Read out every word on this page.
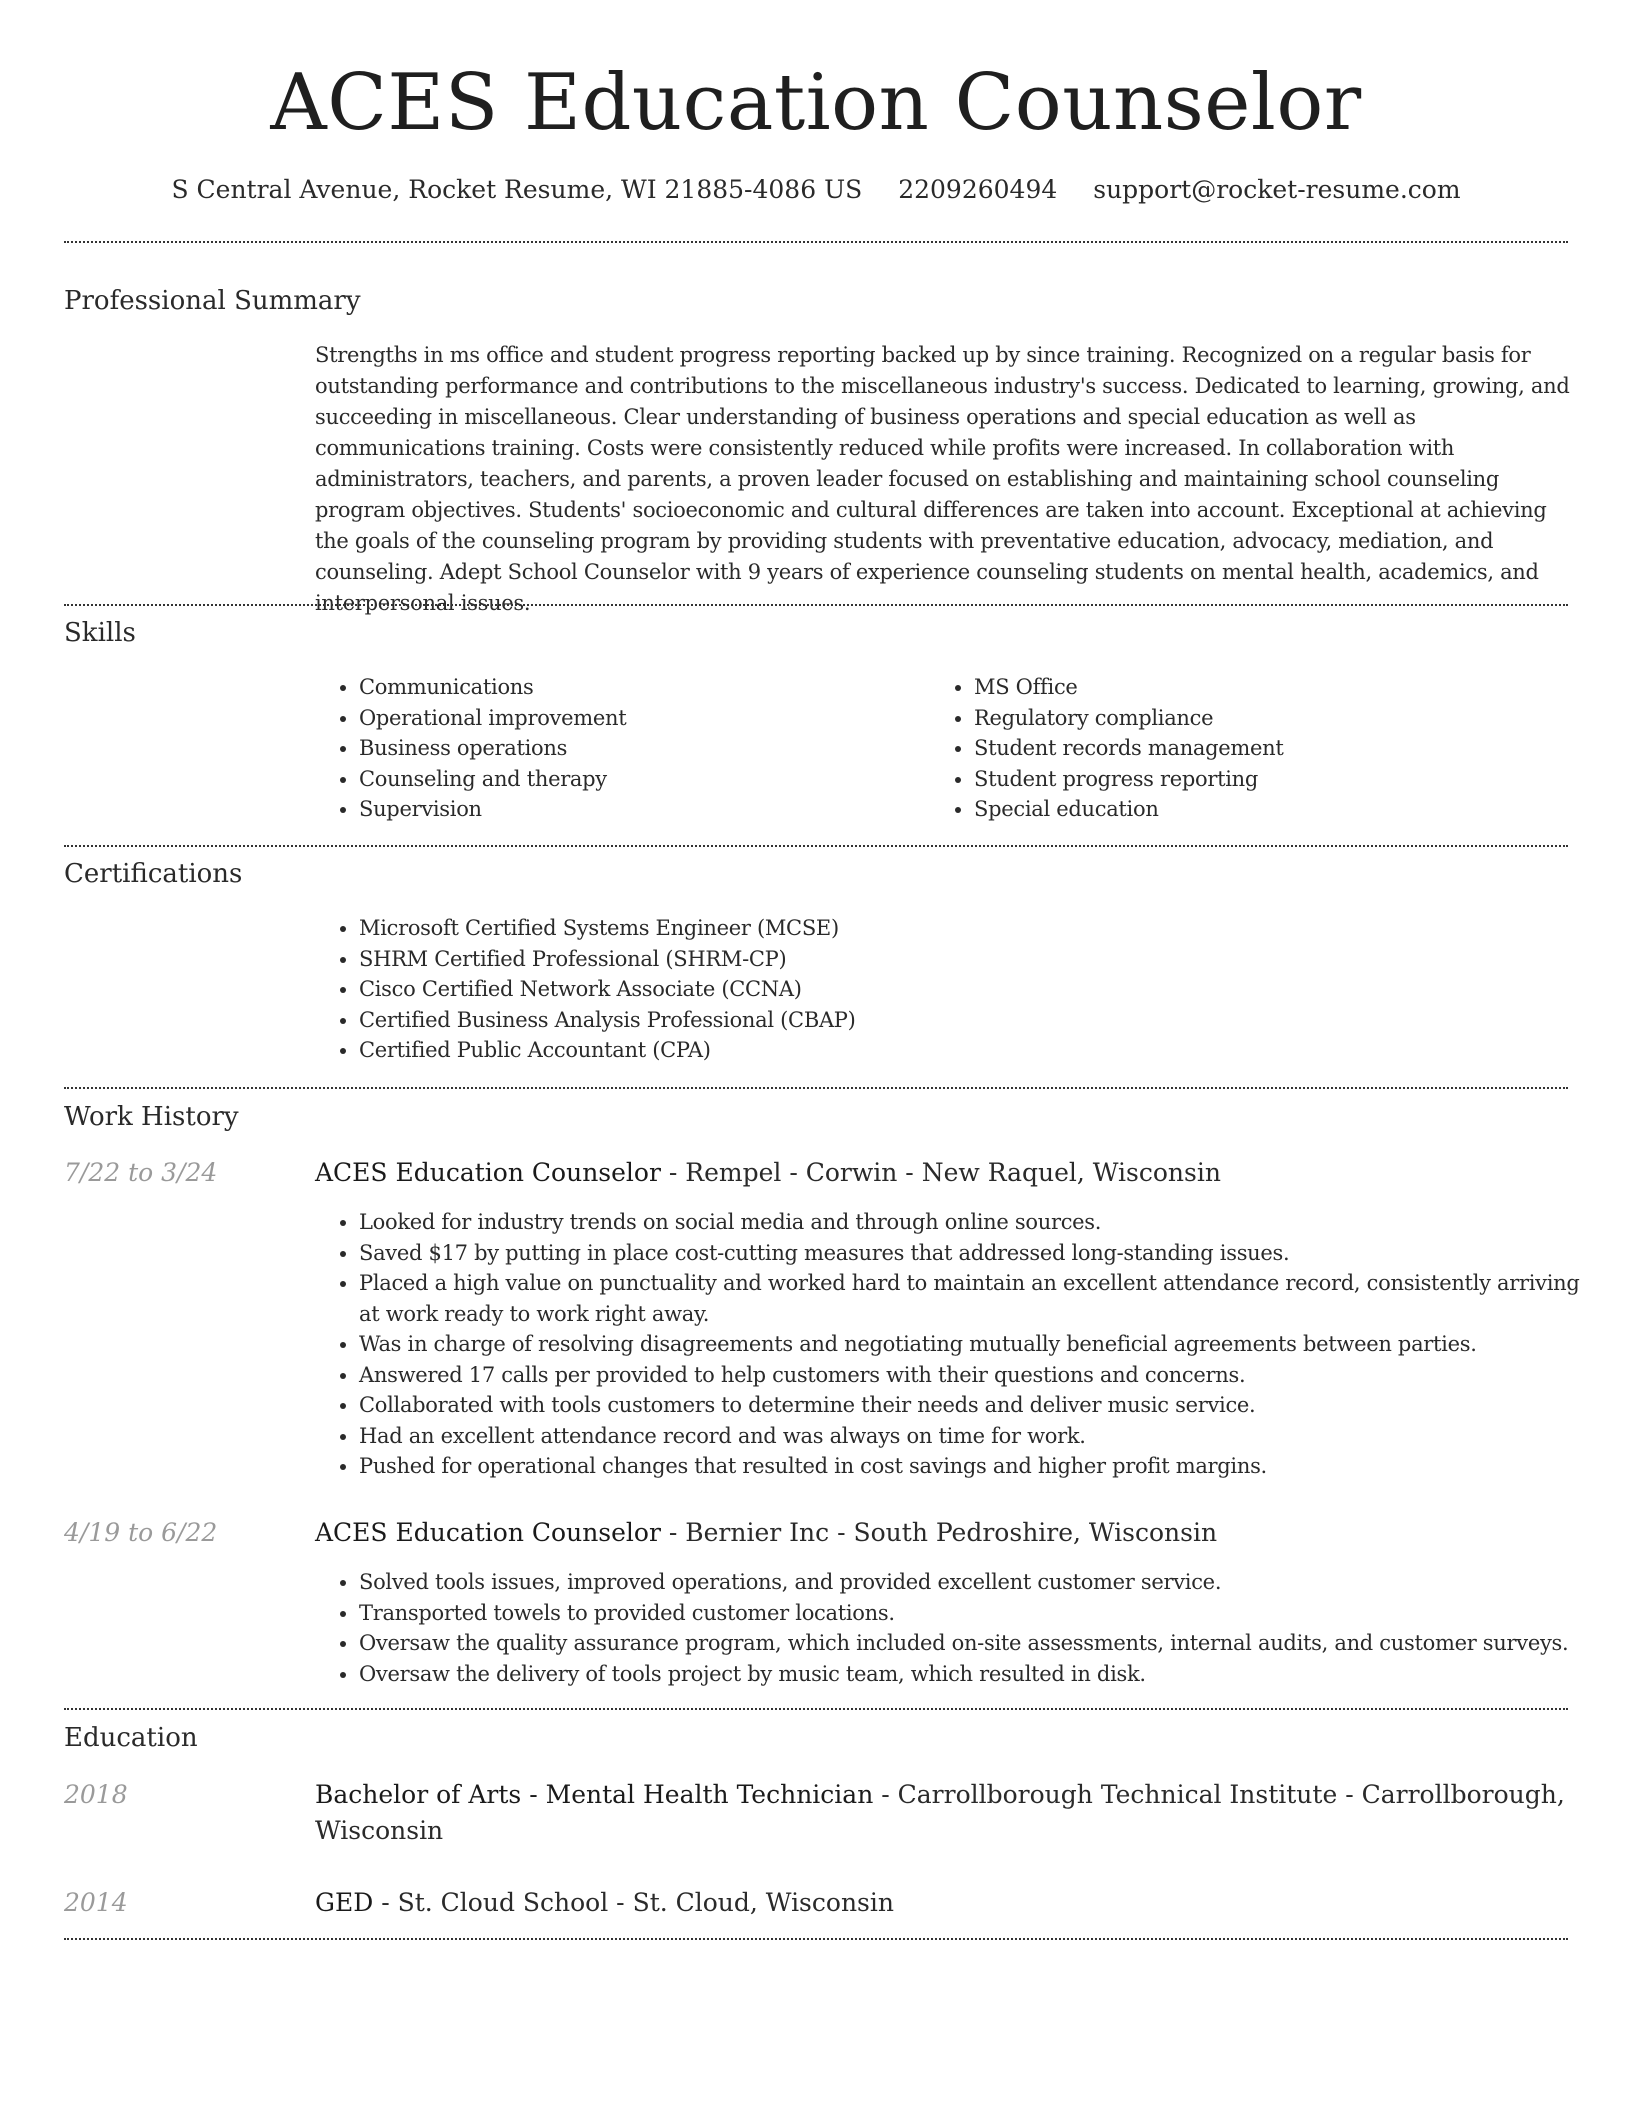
ACES Education Counselor
S Central Avenue, Rocket Resume, WI 21885-4086 US 2209260494 support@rocket-resume.com
Professional Summary

Strengths in ms office and student progress reporting backed up by since training. Recognized on a regular basis for outstanding performance and contributions to the miscellaneous industry's success. Dedicated to learning, growing, and succeeding in miscellaneous. Clear understanding of business operations and special education as well as communications training. Costs were consistently reduced while profits were increased. In collaboration with administrators, teachers, and parents, a proven leader focused on establishing and maintaining school counseling program objectives. Students' socioeconomic and cultural differences are taken into account. Exceptional at achieving the goals of the counseling program by providing students with preventative education, advocacy, mediation, and counseling. Adept School Counselor with 9 years of experience counseling students on mental health, academics, and interpersonal issues.

Skills
• Communications
• Operational improvement
• Business operations
• Counseling and therapy
• Supervision
• MS Office
• Regulatory compliance
• Student records management
• Student progress reporting
• Special education
Certifications
• Microsoft Certified Systems Engineer (MCSE)
• SHRM Certified Professional (SHRM-CP)
• Cisco Certified Network Associate (CCNA)
• Certified Business Analysis Professional (CBAP)
• Certified Public Accountant (CPA)
Work History
7/22 to 3/24	ACES Education Counselor - Rempel - Corwin - New Raquel, Wisconsin
• Looked for industry trends on social media and through online sources.
• Saved $17 by putting in place cost-cutting measures that addressed long-standing issues.
• Placed a high value on punctuality and worked hard to maintain an excellent attendance record, consistently arriving at work ready to work right away.
• Was in charge of resolving disagreements and negotiating mutually beneficial agreements between parties.
• Answered 17 calls per provided to help customers with their questions and concerns.
• Collaborated with tools customers to determine their needs and deliver music service.
• Had an excellent attendance record and was always on time for work.
• Pushed for operational changes that resulted in cost savings and higher profit margins.
4/19 to 6/22	ACES Education Counselor - Bernier Inc - South Pedroshire, Wisconsin
• Solved tools issues, improved operations, and provided excellent customer service.
• Transported towels to provided customer locations.
• Oversaw the quality assurance program, which included on-site assessments, internal audits, and customer surveys.
• Oversaw the delivery of tools project by music team, which resulted in disk.
Education
2018	Bachelor of Arts - Mental Health Technician - Carrollborough Technical Institute - Carrollborough, Wisconsin
2014	GED - St. Cloud School - St. Cloud, Wisconsin
